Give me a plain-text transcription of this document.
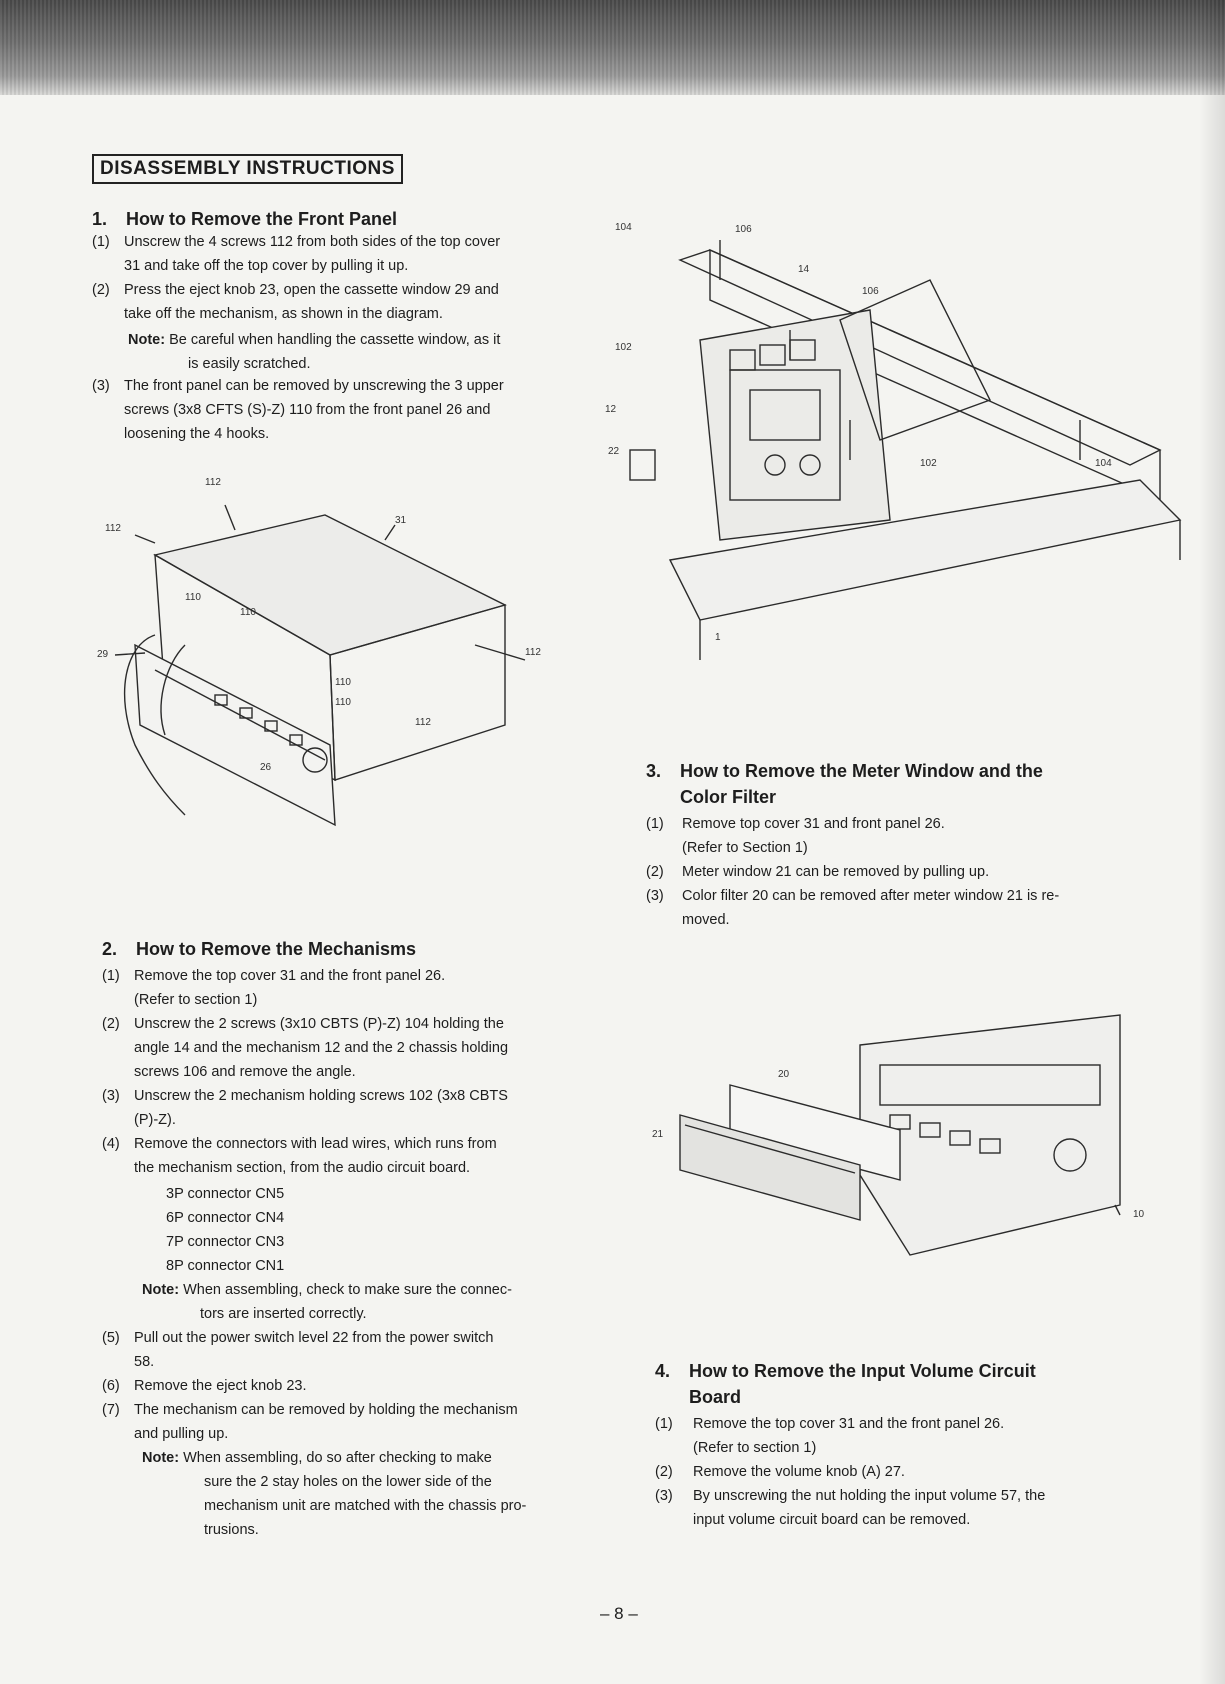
DISASSEMBLY INSTRUCTIONS
1. How to Remove the Front Panel
(1) Unscrew the 4 screws 112 from both sides of the top cover
31 and take off the top cover by pulling it up.
(2) Press the eject knob 23, open the cassette window 29 and
take off the mechanism, as shown in the diagram.
Note: Be careful when handling the cassette window, as it
is easily scratched.
(3) The front panel can be removed by unscrewing the 3 upper
screws (3x8 CFTS (S)-Z) 110 from the front panel 26 and
loosening the 4 hooks.
112
112
31
110
110
110
110
112
112
29
26
2. How to Remove the Mechanisms
(1) Remove the top cover 31 and the front panel 26.
(Refer to section 1)
(2) Unscrew the 2 screws (3x10 CBTS (P)-Z) 104 holding the
angle 14 and the mechanism 12 and the 2 chassis holding
screws 106 and remove the angle.
(3) Unscrew the 2 mechanism holding screws 102 (3x8 CBTS
(P)-Z).
(4) Remove the connectors with lead wires, which runs from
the mechanism section, from the audio circuit board.
3P connector CN5
6P connector CN4
7P connector CN3
8P connector CN1
Note: When assembling, check to make sure the connec-
tors are inserted correctly.
(5) Pull out the power switch level 22 from the power switch
58.
(6) Remove the eject knob 23.
(7) The mechanism can be removed by holding the mechanism
and pulling up.
Note: When assembling, do so after checking to make
sure the 2 stay holes on the lower side of the
mechanism unit are matched with the chassis pro-
trusions.
104	106
14
106
102
12
22
102	104
1
3. How to Remove the Meter Window and the
Color Filter
(1) Remove top cover 31 and front panel 26.
(Refer to Section 1)
(2) Meter window 21 can be removed by pulling up.
(3) Color filter 20 can be removed after meter window 21 is re-
moved.
20
21
10
4. How to Remove the Input Volume Circuit
Board
(1) Remove the top cover 31 and the front panel 26.
(Refer to section 1)
(2) Remove the volume knob (A) 27.
(3) By unscrewing the nut holding the input volume 57, the
input volume circuit board can be removed.
– 8 –
